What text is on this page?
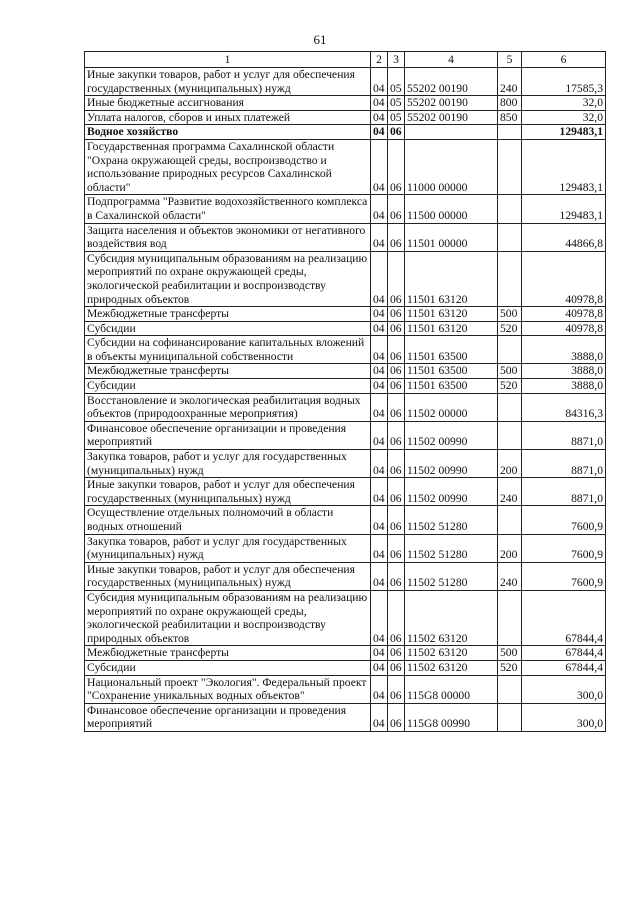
61
1	2	3	4	5	6
Иные закупки товаров, работ и услуг для обеспечения государственных (муниципальных) нужд	04	05	55202 00190	240	17585,3
Иные бюджетные ассигнования	04	05	55202 00190	800	32,0
Уплата налогов, сборов и иных платежей	04	05	55202 00190	850	32,0
Водное хозяйство	04	06			129483,1
Государственная программа Сахалинской области "Охрана окружающей среды, воспроизводство и использование природных ресурсов Сахалинской области"	04	06	11000 00000		129483,1
Подпрограмма "Развитие водохозяйственного комплекса в Сахалинской области"	04	06	11500 00000		129483,1
Защита населения и объектов экономики от негативного воздействия вод	04	06	11501 00000		44866,8
Субсидия муниципальным образованиям на реализацию мероприятий по охране окружающей среды, экологической реабилитации и воспроизводству природных объектов	04	06	11501 63120		40978,8
Межбюджетные трансферты	04	06	11501 63120	500	40978,8
Субсидии	04	06	11501 63120	520	40978,8
Субсидии на софинансирование капитальных вложений в объекты муниципальной собственности	04	06	11501 63500		3888,0
Межбюджетные трансферты	04	06	11501 63500	500	3888,0
Субсидии	04	06	11501 63500	520	3888,0
Восстановление и экологическая реабилитация водных объектов (природоохранные мероприятия)	04	06	11502 00000		84316,3
Финансовое обеспечение организации и проведения мероприятий	04	06	11502 00990		8871,0
Закупка товаров, работ и услуг для государственных (муниципальных) нужд	04	06	11502 00990	200	8871,0
Иные закупки товаров, работ и услуг для обеспечения государственных (муниципальных) нужд	04	06	11502 00990	240	8871,0
Осуществление отдельных полномочий в области водных отношений	04	06	11502 51280		7600,9
Закупка товаров, работ и услуг для государственных (муниципальных) нужд	04	06	11502 51280	200	7600,9
Иные закупки товаров, работ и услуг для обеспечения государственных (муниципальных) нужд	04	06	11502 51280	240	7600,9
Субсидия муниципальным образованиям на реализацию мероприятий по охране окружающей среды, экологической реабилитации и воспроизводству природных объектов	04	06	11502 63120		67844,4
Межбюджетные трансферты	04	06	11502 63120	500	67844,4
Субсидии	04	06	11502 63120	520	67844,4
Национальный проект "Экология". Федеральный проект "Сохранение уникальных водных объектов"	04	06	115G8 00000		300,0
Финансовое обеспечение организации и проведения мероприятий	04	06	115G8 00990		300,0
